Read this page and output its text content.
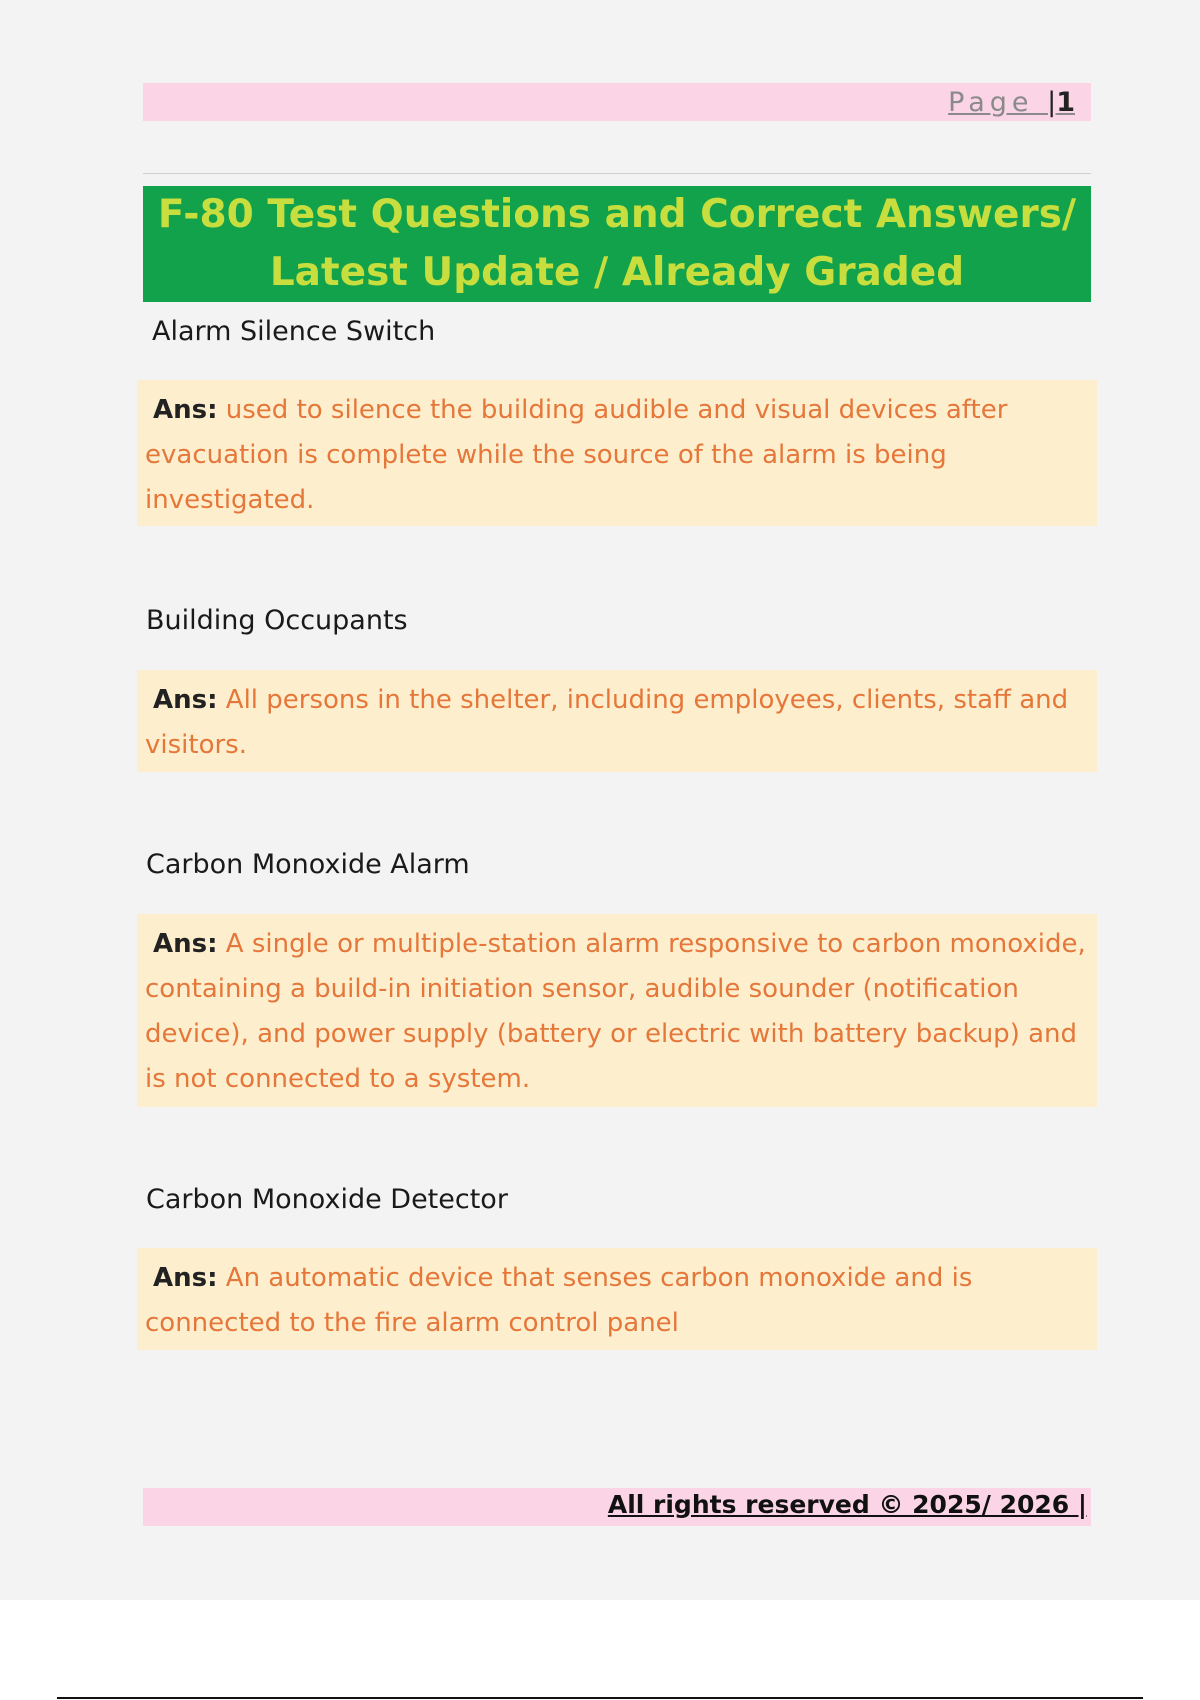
Page |1
F-80 Test Questions and Correct Answers/
Latest Update / Already Graded
Alarm Silence Switch
Ans: used to silence the building audible and visual devices after evacuation is complete while the source of the alarm is being investigated.
Building Occupants
Ans: All persons in the shelter, including employees, clients, staff and visitors.
Carbon Monoxide Alarm
Ans: A single or multiple-station alarm responsive to carbon monoxide, containing a build-in initiation sensor, audible sounder (notification device), and power supply (battery or electric with battery backup) and is not connected to a system.
Carbon Monoxide Detector
Ans: An automatic device that senses carbon monoxide and is connected to the fire alarm control panel
All rights reserved © 2025/ 2026 |
